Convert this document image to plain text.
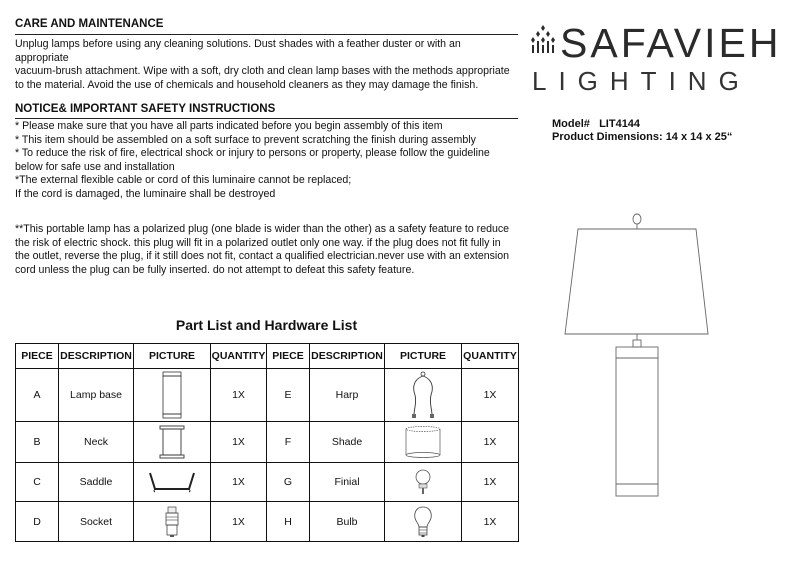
CARE AND MAINTENANCE
Unplug lamps before using any cleaning solutions. Dust shades with a feather duster or with an
appropriate
vacuum-brush attachment. Wipe with a soft, dry cloth and clean lamp bases with the methods appropriate
to the material. Avoid the use of chemicals and household cleaners as they may damage the finish.
NOTICE& IMPORTANT SAFETY INSTRUCTIONS
* Please make sure that you have all parts indicated before you begin assembly of this item
* This item should be assembled on a soft surface to prevent scratching the finish during assembly
* To reduce the risk of fire, electrical shock or injury to persons or property, please follow the guideline
below for safe use and installation
*The external flexible cable or cord of this luminaire cannot be replaced;
If the cord is damaged, the luminaire shall be destroyed
**This portable lamp has a polarized plug (one blade is wider than the other) as a safety feature to reduce
the risk of electric shock. this plug will fit in a polarized outlet only one way. if the plug does not fit fully in
the outlet, reverse the plug, if it still does not fit, contact a qualified electrician.never use with an extension
cord unless the plug can be fully inserted. do not attempt to defeat this safety feature.
Part List and Hardware List
PIECE	DESCRIPTION	PICTURE	QUANTITY	PIECE	DESCRIPTION	PICTURE	QUANTITY
A	Lamp base		1X	E	Harp		1X
B	Neck		1X	F	Shade		1X
C	Saddle		1X	G	Finial		1X
D	Socket		1X	H	Bulb		1X
SAFAVIEH
LIGHTING
Model# LIT4144
Product Dimensions: 14 x 14 x 25“
